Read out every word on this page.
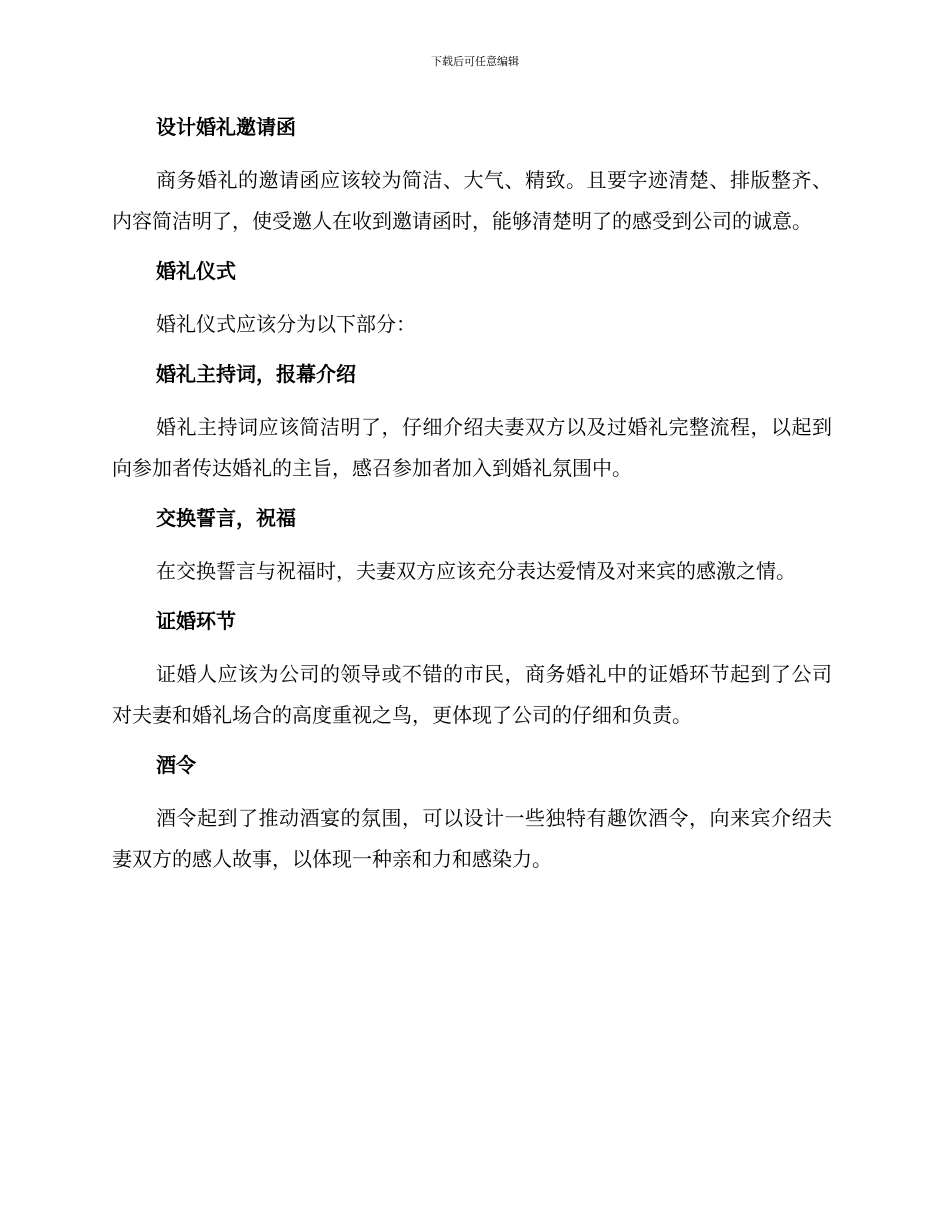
下载后可任意编辑
设计婚礼邀请函

商务婚礼的邀请函应该较为简洁、大气、精致。且要字迹清楚、排版整齐、内容简洁明了，使受邀人在收到邀请函时，能够清楚明了的感受到公司的诚意。

婚礼仪式

婚礼仪式应该分为以下部分：

婚礼主持词，报幕介绍

婚礼主持词应该简洁明了，仔细介绍夫妻双方以及过婚礼完整流程，以起到向参加者传达婚礼的主旨，感召参加者加入到婚礼氛围中。

交换誓言，祝福

在交换誓言与祝福时，夫妻双方应该充分表达爱情及对来宾的感激之情。

证婚环节

证婚人应该为公司的领导或不错的市民，商务婚礼中的证婚环节起到了公司对夫妻和婚礼场合的高度重视之鸟，更体现了公司的仔细和负责。

酒令

酒令起到了推动酒宴的氛围，可以设计一些独特有趣饮酒令，向来宾介绍夫妻双方的感人故事，以体现一种亲和力和感染力。
